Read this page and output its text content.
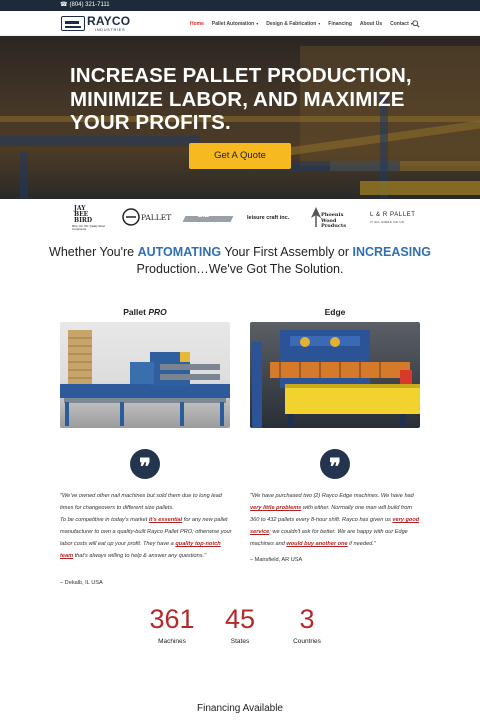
☎ (804) 321-7111
RAYCO
INDUSTRIES
Home Pallet Automation ▾ Design & Fabrication ▾ Financing About Us Contact ▾
INCREASE PALLET PRODUCTION, MINIMIZE LABOR, AND MAXIMIZE YOUR PROFITS.
Get A Quote
JAY BEE BIRD
MFG. CO. INC. Quality Wood Components
PALLET	BIZ	leisure craft inc.	Phoenix Wood Products
L & R PALLET
IT ALL RIDES ON US
Whether You're AUTOMATING Your First Assembly or INCREASING
Production…We've Got The Solution.
Pallet PRO	Edge
❞	❞
"We've owned other nail machines but sold them due to long lead times for changeovers to different size pallets.
To be competitive in today's market it's essential for any new pallet manufacturer to own a quality-built Rayco Pallet PRO; otherwise your labor costs will eat up your profit. They have a quality top-notch team that's always willing to help & answer any questions."
– Dekalb, IL USA
"We have purchased two (2) Rayco Edge machines. We have had very little problems with either. Normally one man will build from 360 to 432 pallets every 8-hour shift. Rayco has given us very good service; we couldn't ask for better. We are happy with our Edge machines and would buy another one if needed."
– Mansfield, AR USA
361
Machines
45
States
3
Countries
Financing Available
